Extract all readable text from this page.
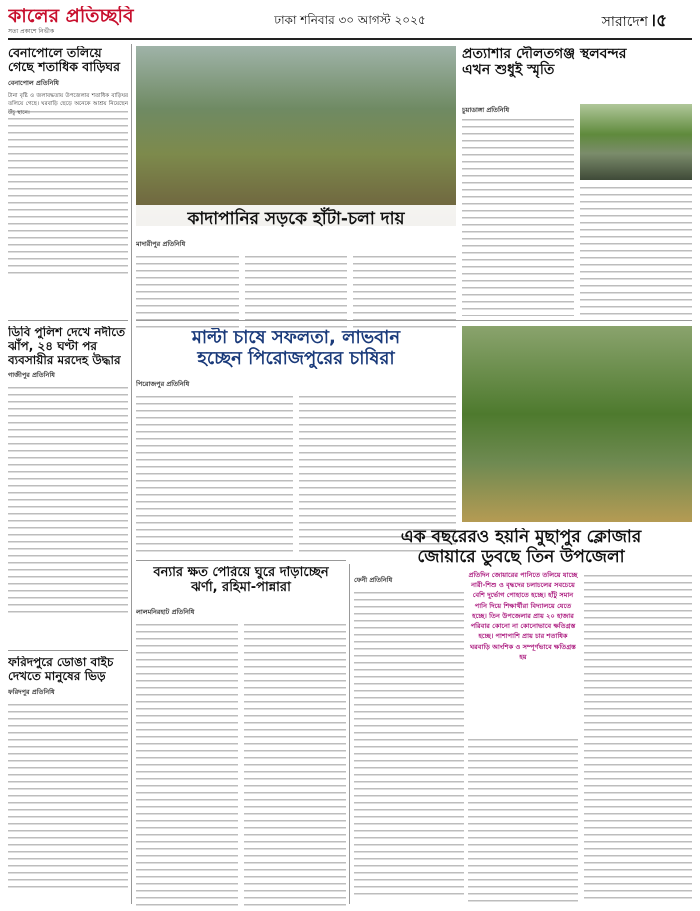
কালের প্রতিচ্ছবি
সত্য প্রকাশে নির্ভীক
ঢাকা শনিবার ৩০ আগস্ট ২০২৫	সারাদেশ ।৫
বেনাপোলে তলিয়ে গেছে শতাধিক বাড়িঘর
বেনাপোল প্রতিনিধি
টানা বৃষ্টি ও জলাবদ্ধতায় উপজেলার শতাধিক বাড়িঘর তলিয়ে গেছে। ঘরবাড়ি ছেড়ে অনেকে আশ্রয় নিয়েছেন উঁচু স্থানে।
ডিবি পুলিশ দেখে নদীতে ঝাঁপ, ২৪ ঘণ্টা পর ব্যবসায়ীর মরদেহ উদ্ধার
গাজীপুর প্রতিনিধি
ফরিদপুরে ডোঙা বাইচ দেখতে মানুষের ভিড়
ফরিদপুর প্রতিনিধি
কাদাপানির সড়কে হাঁটা-চলা দায়
মাদারীপুর প্রতিনিধি
প্রত্যাশার দৌলতগঞ্জ স্থলবন্দর
এখন শুধুই স্মৃতি
চুয়াডাঙ্গা প্রতিনিধি
মাল্টা চাষে সফলতা, লাভবান
হচ্ছেন পিরোজপুরের চাষিরা
পিরোজপুর প্রতিনিধি
এক বছরেরও হয়নি মুছাপুর ক্লোজার
জোয়ারে ডুবছে তিন উপজেলা
বন্যার ক্ষত পেরিয়ে ঘুরে দাঁড়াচ্ছেন
ঝর্ণা, রহিমা-পান্নারা
লালমনিরহাট প্রতিনিধি
ফেনী প্রতিনিধি
প্রতিদিন জোয়ারের পানিতে তলিয়ে যাচ্ছে নারী-শিশু ও বৃদ্ধদের চলাচলের সবচেয়ে বেশি দুর্ভোগ পোহাতে হচ্ছে। হাঁটু সমান পানি দিয়ে শিক্ষার্থীরা বিদ্যালয়ে যেতে হচ্ছে। তিন উপজেলার প্রায় ২০ হাজার পরিবার কোনো না কোনোভাবে ক্ষতিগ্রস্ত হচ্ছে। পাশাপাশি প্রায় চার শতাধিক ঘরবাড়ি আংশিক ও সম্পূর্ণভাবে ক্ষতিগ্রস্ত হয়
